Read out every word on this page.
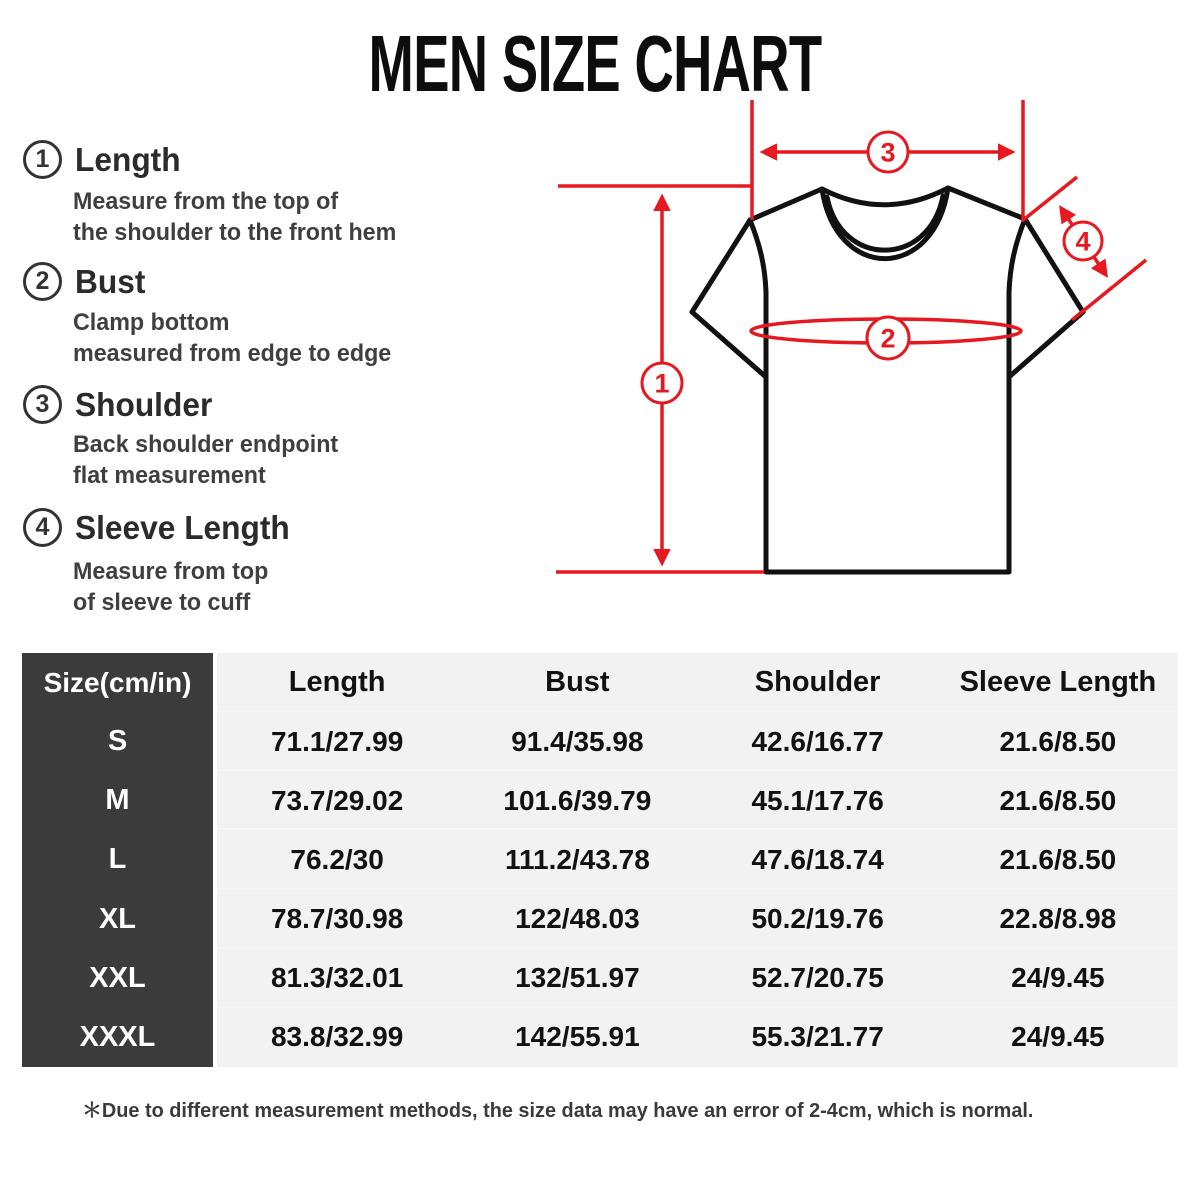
MEN SIZE CHART
1 Length
Measure from the top of
the shoulder to the front hem
2 Bust
Clamp bottom
measured from edge to edge
3 Shoulder
Back shoulder endpoint
flat measurement
4 Sleeve Length
Measure from top
of sleeve to cuff
1
2
3
4
Size(cm/in)	Length	Bust	Shoulder	Sleeve Length
S	71.1/27.99	91.4/35.98	42.6/16.77	21.6/8.50
M	73.7/29.02	101.6/39.79	45.1/17.76	21.6/8.50
L	76.2/30	111.2/43.78	47.6/18.74	21.6/8.50
XL	78.7/30.98	122/48.03	50.2/19.76	22.8/8.98
XXL	81.3/32.01	132/51.97	52.7/20.75	24/9.45
XXXL	83.8/32.99	142/55.91	55.3/21.77	24/9.45
＊Due to different measurement methods, the size data may have an error of 2-4cm, which is normal.
